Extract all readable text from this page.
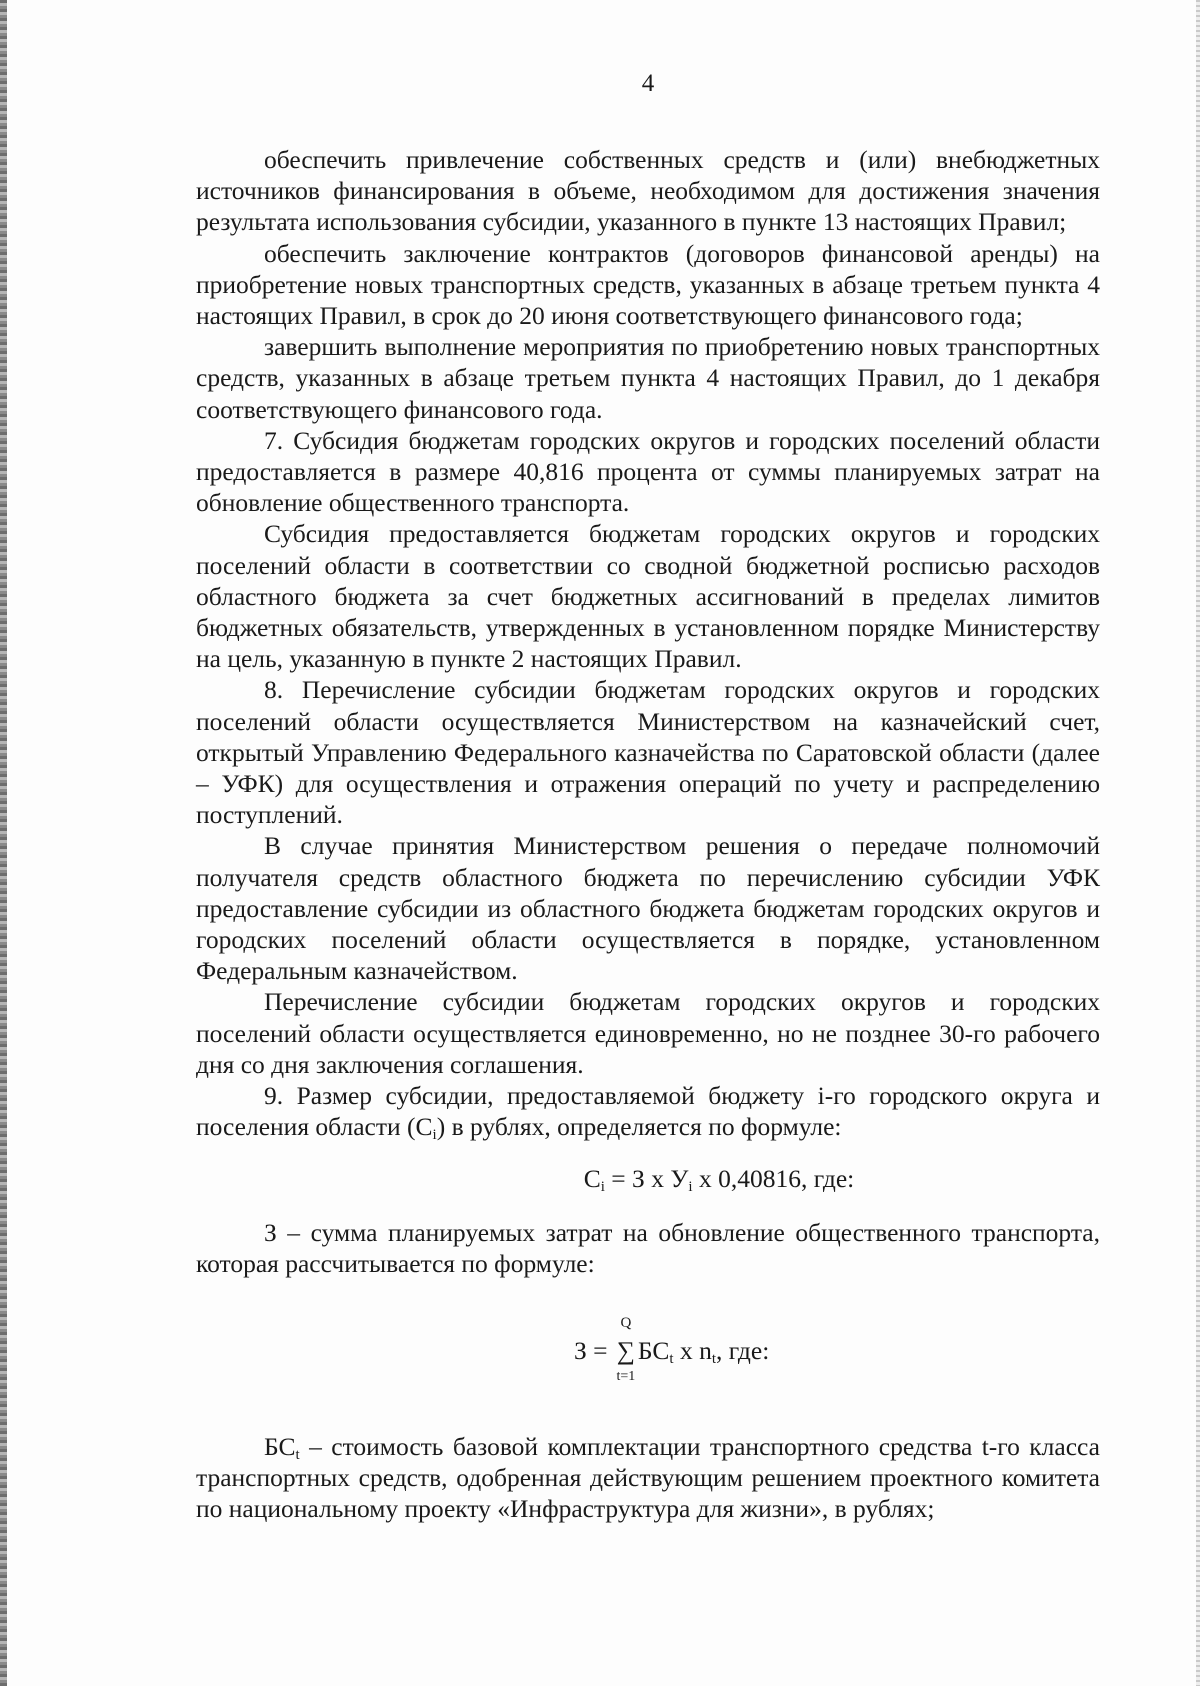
4

обеспечить привлечение собственных средств и (или) внебюджетных источников финансирования в объеме, необходимом для достижения значения результата использования субсидии, указанного в пункте 13 настоящих Правил;

обеспечить заключение контрактов (договоров финансовой аренды) на приобретение новых транспортных средств, указанных в абзаце третьем пункта 4 настоящих Правил, в срок до 20 июня соответствующего финансового года;

завершить выполнение мероприятия по приобретению новых транспортных средств, указанных в абзаце третьем пункта 4 настоящих Правил, до 1 декабря соответствующего финансового года.

7. Субсидия бюджетам городских округов и городских поселений области предоставляется в размере 40,816 процента от суммы планируемых затрат на обновление общественного транспорта.

Субсидия предоставляется бюджетам городских округов и городских поселений области в соответствии со сводной бюджетной росписью расходов областного бюджета за счет бюджетных ассигнований в пределах лимитов бюджетных обязательств, утвержденных в установленном порядке Министерству на цель, указанную в пункте 2 настоящих Правил.

8. Перечисление субсидии бюджетам городских округов и городских поселений области осуществляется Министерством на казначейский счет, открытый Управлению Федерального казначейства по Саратовской области (далее – УФК) для осуществления и отражения операций по учету и распределению поступлений.

В случае принятия Министерством решения о передаче полномочий получателя средств областного бюджета по перечислению субсидии УФК предоставление субсидии из областного бюджета бюджетам городских округов и городских поселений области осуществляется в порядке, установленном Федеральным казначейством.

Перечисление субсидии бюджетам городских округов и городских поселений области осуществляется единовременно, но не позднее 30-го рабочего дня со дня заключения соглашения.

9. Размер субсидии, предоставляемой бюджету i-го городского округа и поселения области $(С_i)$ в рублях, определяется по формуле:

$С_i = З$ х $У_i$ х 0,40816, где:

З – сумма планируемых затрат на обновление общественного транспорта, которая рассчитывается по формуле:

З =
Q
∑
t=1
$БС_t$ x $n_t$, где:

$БС_t$ – стоимость базовой комплектации транспортного средства t-го класса транспортных средств, одобренная действующим решением проектного комитета по национальному проекту «Инфраструктура для жизни», в рублях;
